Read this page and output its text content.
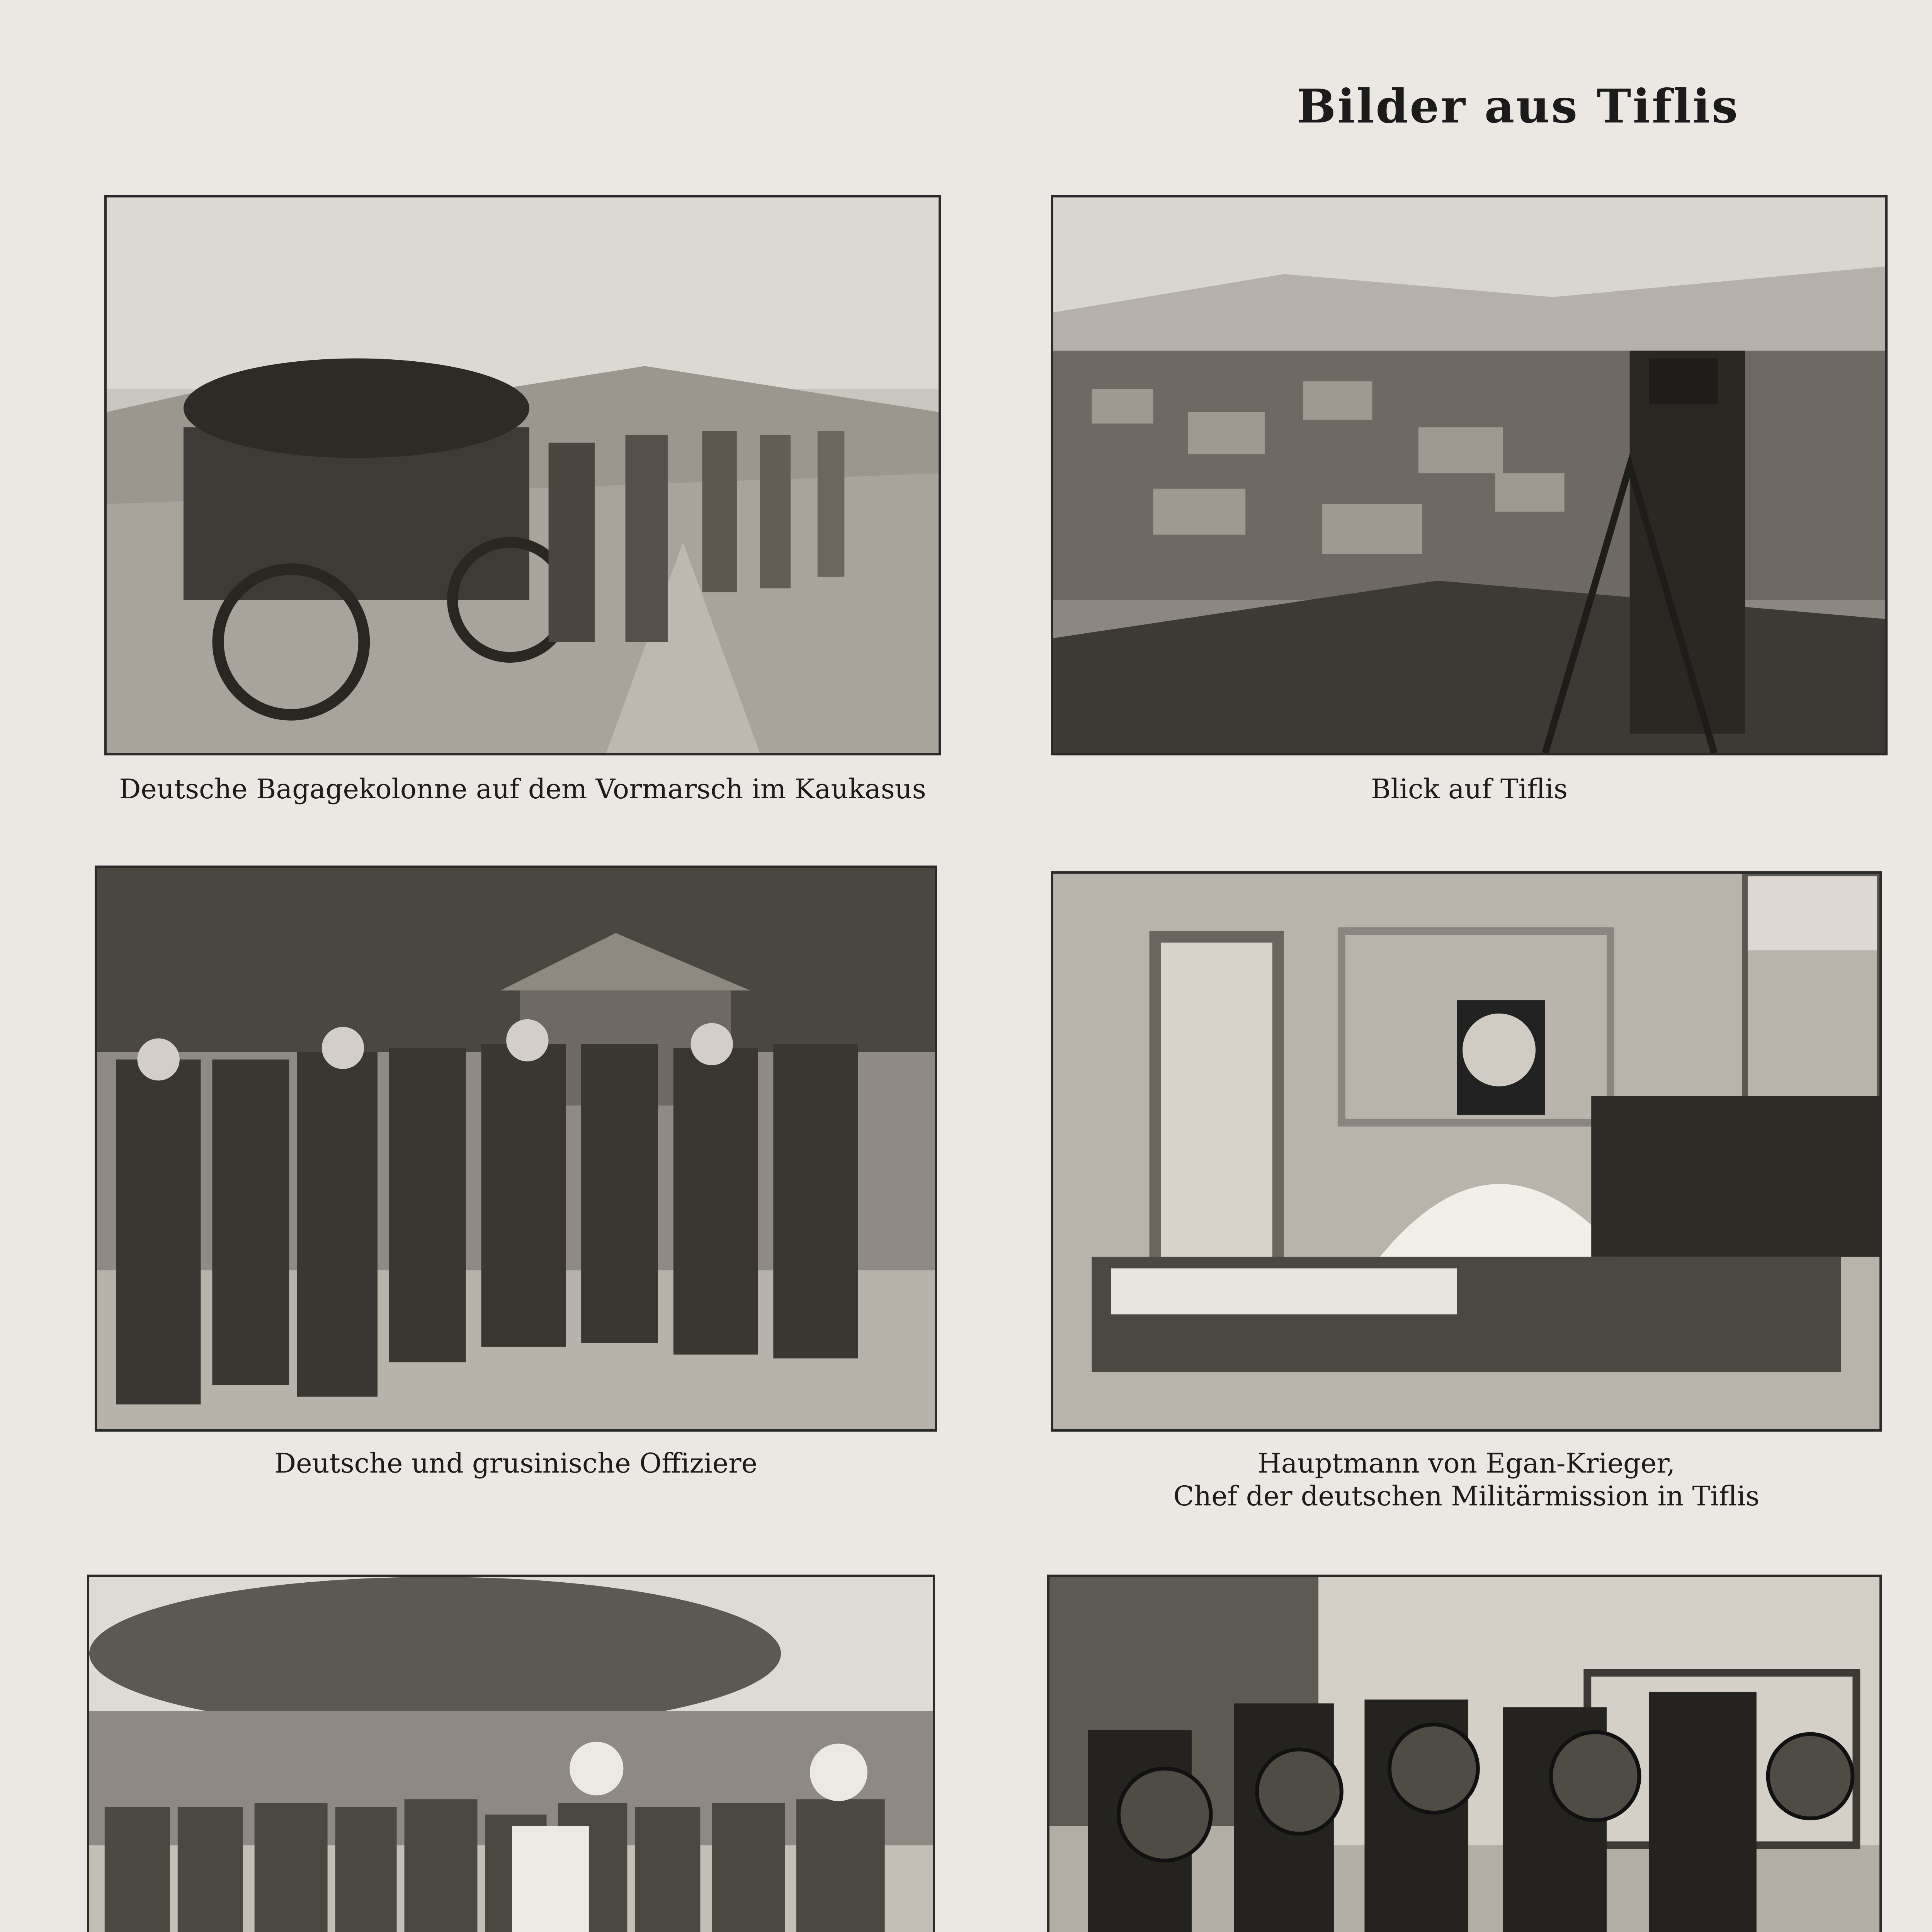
Bilder aus Tiflis
Deutsche Bagagekolonne auf dem Vormarsch im Kaukasus	Blick auf Tiflis
Deutsche und grusinische Offiziere	Hauptmann von Egan-Krieger,
Chef der deutschen Militärmission in Tiflis
